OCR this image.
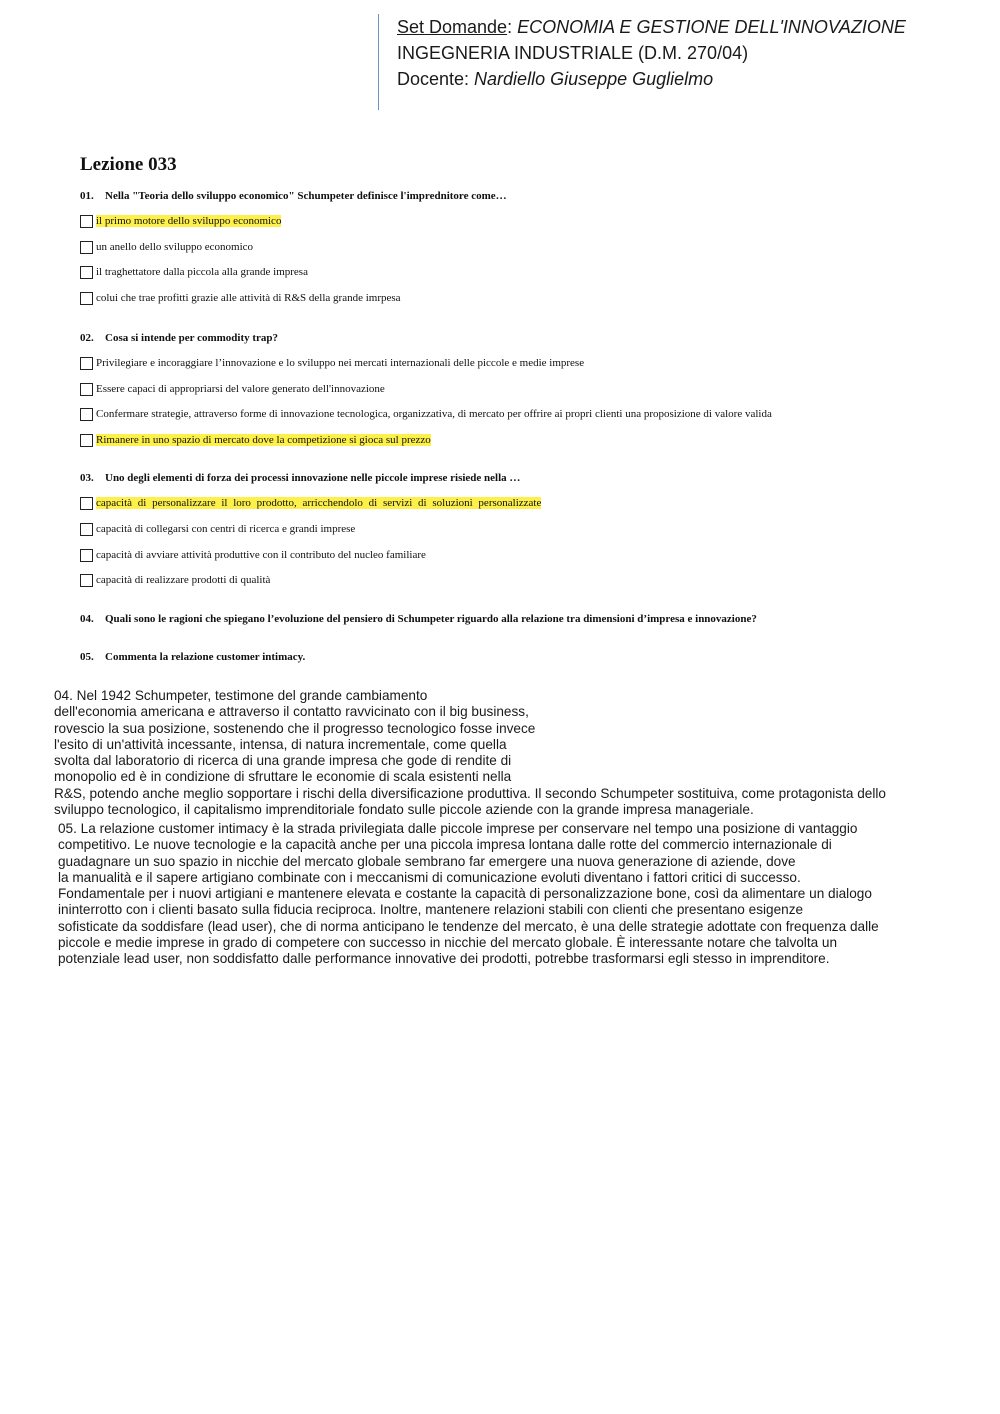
Set Domande: ECONOMIA E GESTIONE DELL'INNOVAZIONE
INGEGNERIA INDUSTRIALE (D.M. 270/04)
Docente: Nardiello Giuseppe Guglielmo
Lezione 033
01. Nella "Teoria dello sviluppo economico" Schumpeter definisce l'imprednitore come…
il primo motore dello sviluppo economico
un anello dello sviluppo economico
il traghettatore dalla piccola alla grande impresa
colui che trae profitti grazie alle attività di R&S della grande imrpesa
02. Cosa si intende per commodity trap?
Privilegiare e incoraggiare l’innovazione e lo sviluppo nei mercati internazionali delle piccole e medie imprese
Essere capaci di appropriarsi del valore generato dell'innovazione
Confermare strategie, attraverso forme di innovazione tecnologica, organizzativa, di mercato per offrire ai propri clienti una proposizione di valore valida
Rimanere in uno spazio di mercato dove la competizione si gioca sul prezzo
03. Uno degli elementi di forza dei processi innovazione nelle piccole imprese risiede nella …
capacità di personalizzare il loro prodotto, arricchendolo di servizi di soluzioni personalizzate
capacità di collegarsi con centri di ricerca e grandi imprese
capacità di avviare attività produttive con il contributo del nucleo familiare
capacità di realizzare prodotti di qualità
04. Quali sono le ragioni che spiegano l’evoluzione del pensiero di Schumpeter riguardo alla relazione tra dimensioni d’impresa e innovazione?
05. Commenta la relazione customer intimacy.
04. Nel 1942 Schumpeter, testimone del grande cambiamento
dell'economia americana e attraverso il contatto ravvicinato con il big business,
rovescio la sua posizione, sostenendo che il progresso tecnologico fosse invece
l'esito di un'attività incessante, intensa, di natura incrementale, come quella
svolta dal laboratorio di ricerca di una grande impresa che gode di rendite di
monopolio ed è in condizione di sfruttare le economie di scala esistenti nella
R&S, potendo anche meglio sopportare i rischi della diversificazione produttiva. Il secondo Schumpeter sostituiva, come protagonista dello
sviluppo tecnologico, il capitalismo imprenditoriale fondato sulle piccole aziende con la grande impresa manageriale.
05. La relazione customer intimacy è la strada privilegiata dalle piccole imprese per conservare nel tempo una posizione di vantaggio
competitivo. Le nuove tecnologie e la capacità anche per una piccola impresa lontana dalle rotte del commercio internazionale di
guadagnare un suo spazio in nicchie del mercato globale sembrano far emergere una nuova generazione di aziende, dove
la manualità e il sapere artigiano combinate con i meccanismi di comunicazione evoluti diventano i fattori critici di successo.
Fondamentale per i nuovi artigiani e mantenere elevata e costante la capacità di personalizzazione bone, così da alimentare un dialogo
ininterrotto con i clienti basato sulla fiducia reciproca. Inoltre, mantenere relazioni stabili con clienti che presentano esigenze
sofisticate da soddisfare (lead user), che di norma anticipano le tendenze del mercato, è una delle strategie adottate con frequenza dalle
piccole e medie imprese in grado di competere con successo in nicchie del mercato globale. È interessante notare che talvolta un
potenziale lead user, non soddisfatto dalle performance innovative dei prodotti, potrebbe trasformarsi egli stesso in imprenditore.
